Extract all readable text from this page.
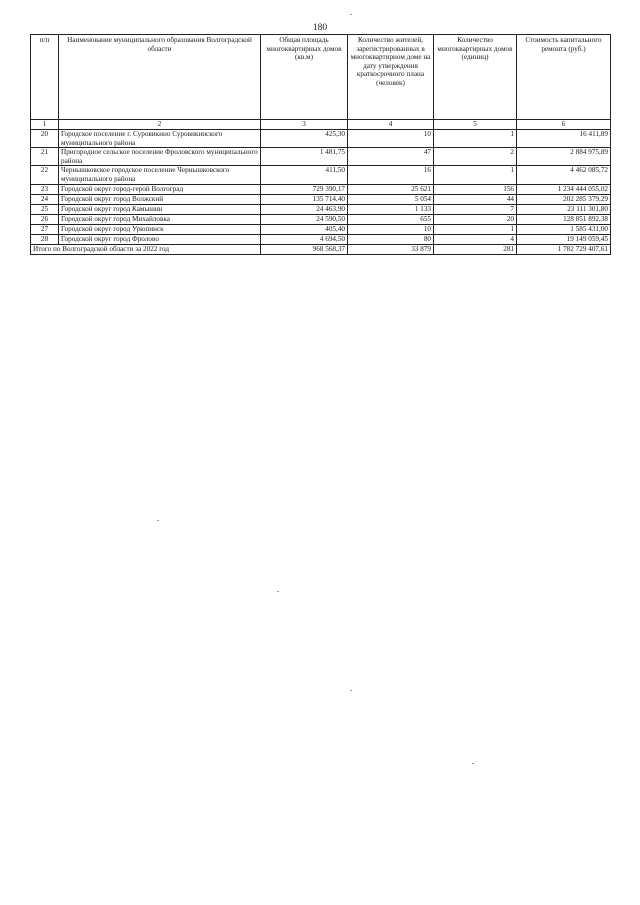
180
п/п	Наименование муниципального образования Волгоградской области	Общая площадь многоквартирных домов (кв.м)	Количество жителей, зарегистрированных в многоквартирном доме на дату утверждения краткосрочного плана (человек)	Количество многоквартирных домов (единиц)	Стоимость капитального ремонта (руб.)
1	2	3	4	5	6
20	Городское поселение г. Суровикино Суровикинского муниципального района	425,30	10	1	16 411,89
21	Пригородное сельское поселение Фроловского муниципального района	1 481,75	47	2	2 884 975,89
22	Чернышковское городское поселение Чернышковского муниципального района	411,50	16	1	4 462 085,72
23	Городской округ город-герой Волгоград	729 390,17	25 621	156	1 234 444 055,02
24	Городской округ город Волжский	135 714,40	5 054	44	202 285 379,29
25	Городской округ город Камышин	24 463,90	1 133	7	23 111 301,80
26	Городской округ город Михайловка	24 590,50	655	20	128 851 892,38
27	Городской округ город Урюпинск	405,40	10	1	1 585 431,00
28	Городской округ город Фролово	4 694,50	80	4	19 149 059,45
Итого по Волгоградской области за 2022 год		968 568,37	33 879	281	1 782 729 407,61
